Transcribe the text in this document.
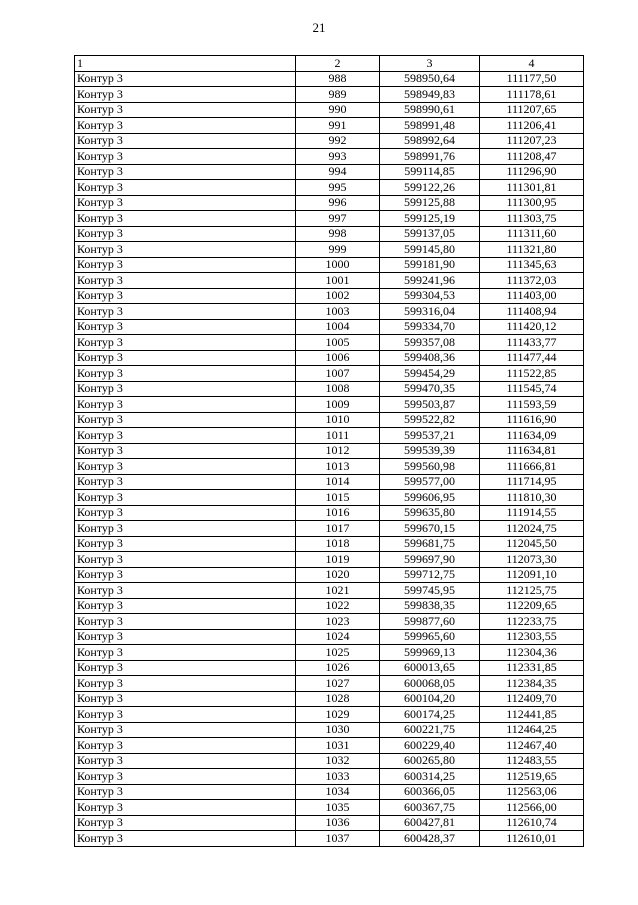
21
1	2	3	4
Контур 3	988	598950,64	111177,50
Контур 3	989	598949,83	111178,61
Контур 3	990	598990,61	111207,65
Контур 3	991	598991,48	111206,41
Контур 3	992	598992,64	111207,23
Контур 3	993	598991,76	111208,47
Контур 3	994	599114,85	111296,90
Контур 3	995	599122,26	111301,81
Контур 3	996	599125,88	111300,95
Контур 3	997	599125,19	111303,75
Контур 3	998	599137,05	111311,60
Контур 3	999	599145,80	111321,80
Контур 3	1000	599181,90	111345,63
Контур 3	1001	599241,96	111372,03
Контур 3	1002	599304,53	111403,00
Контур 3	1003	599316,04	111408,94
Контур 3	1004	599334,70	111420,12
Контур 3	1005	599357,08	111433,77
Контур 3	1006	599408,36	111477,44
Контур 3	1007	599454,29	111522,85
Контур 3	1008	599470,35	111545,74
Контур 3	1009	599503,87	111593,59
Контур 3	1010	599522,82	111616,90
Контур 3	1011	599537,21	111634,09
Контур 3	1012	599539,39	111634,81
Контур 3	1013	599560,98	111666,81
Контур 3	1014	599577,00	111714,95
Контур 3	1015	599606,95	111810,30
Контур 3	1016	599635,80	111914,55
Контур 3	1017	599670,15	112024,75
Контур 3	1018	599681,75	112045,50
Контур 3	1019	599697,90	112073,30
Контур 3	1020	599712,75	112091,10
Контур 3	1021	599745,95	112125,75
Контур 3	1022	599838,35	112209,65
Контур 3	1023	599877,60	112233,75
Контур 3	1024	599965,60	112303,55
Контур 3	1025	599969,13	112304,36
Контур 3	1026	600013,65	112331,85
Контур 3	1027	600068,05	112384,35
Контур 3	1028	600104,20	112409,70
Контур 3	1029	600174,25	112441,85
Контур 3	1030	600221,75	112464,25
Контур 3	1031	600229,40	112467,40
Контур 3	1032	600265,80	112483,55
Контур 3	1033	600314,25	112519,65
Контур 3	1034	600366,05	112563,06
Контур 3	1035	600367,75	112566,00
Контур 3	1036	600427,81	112610,74
Контур 3	1037	600428,37	112610,01
